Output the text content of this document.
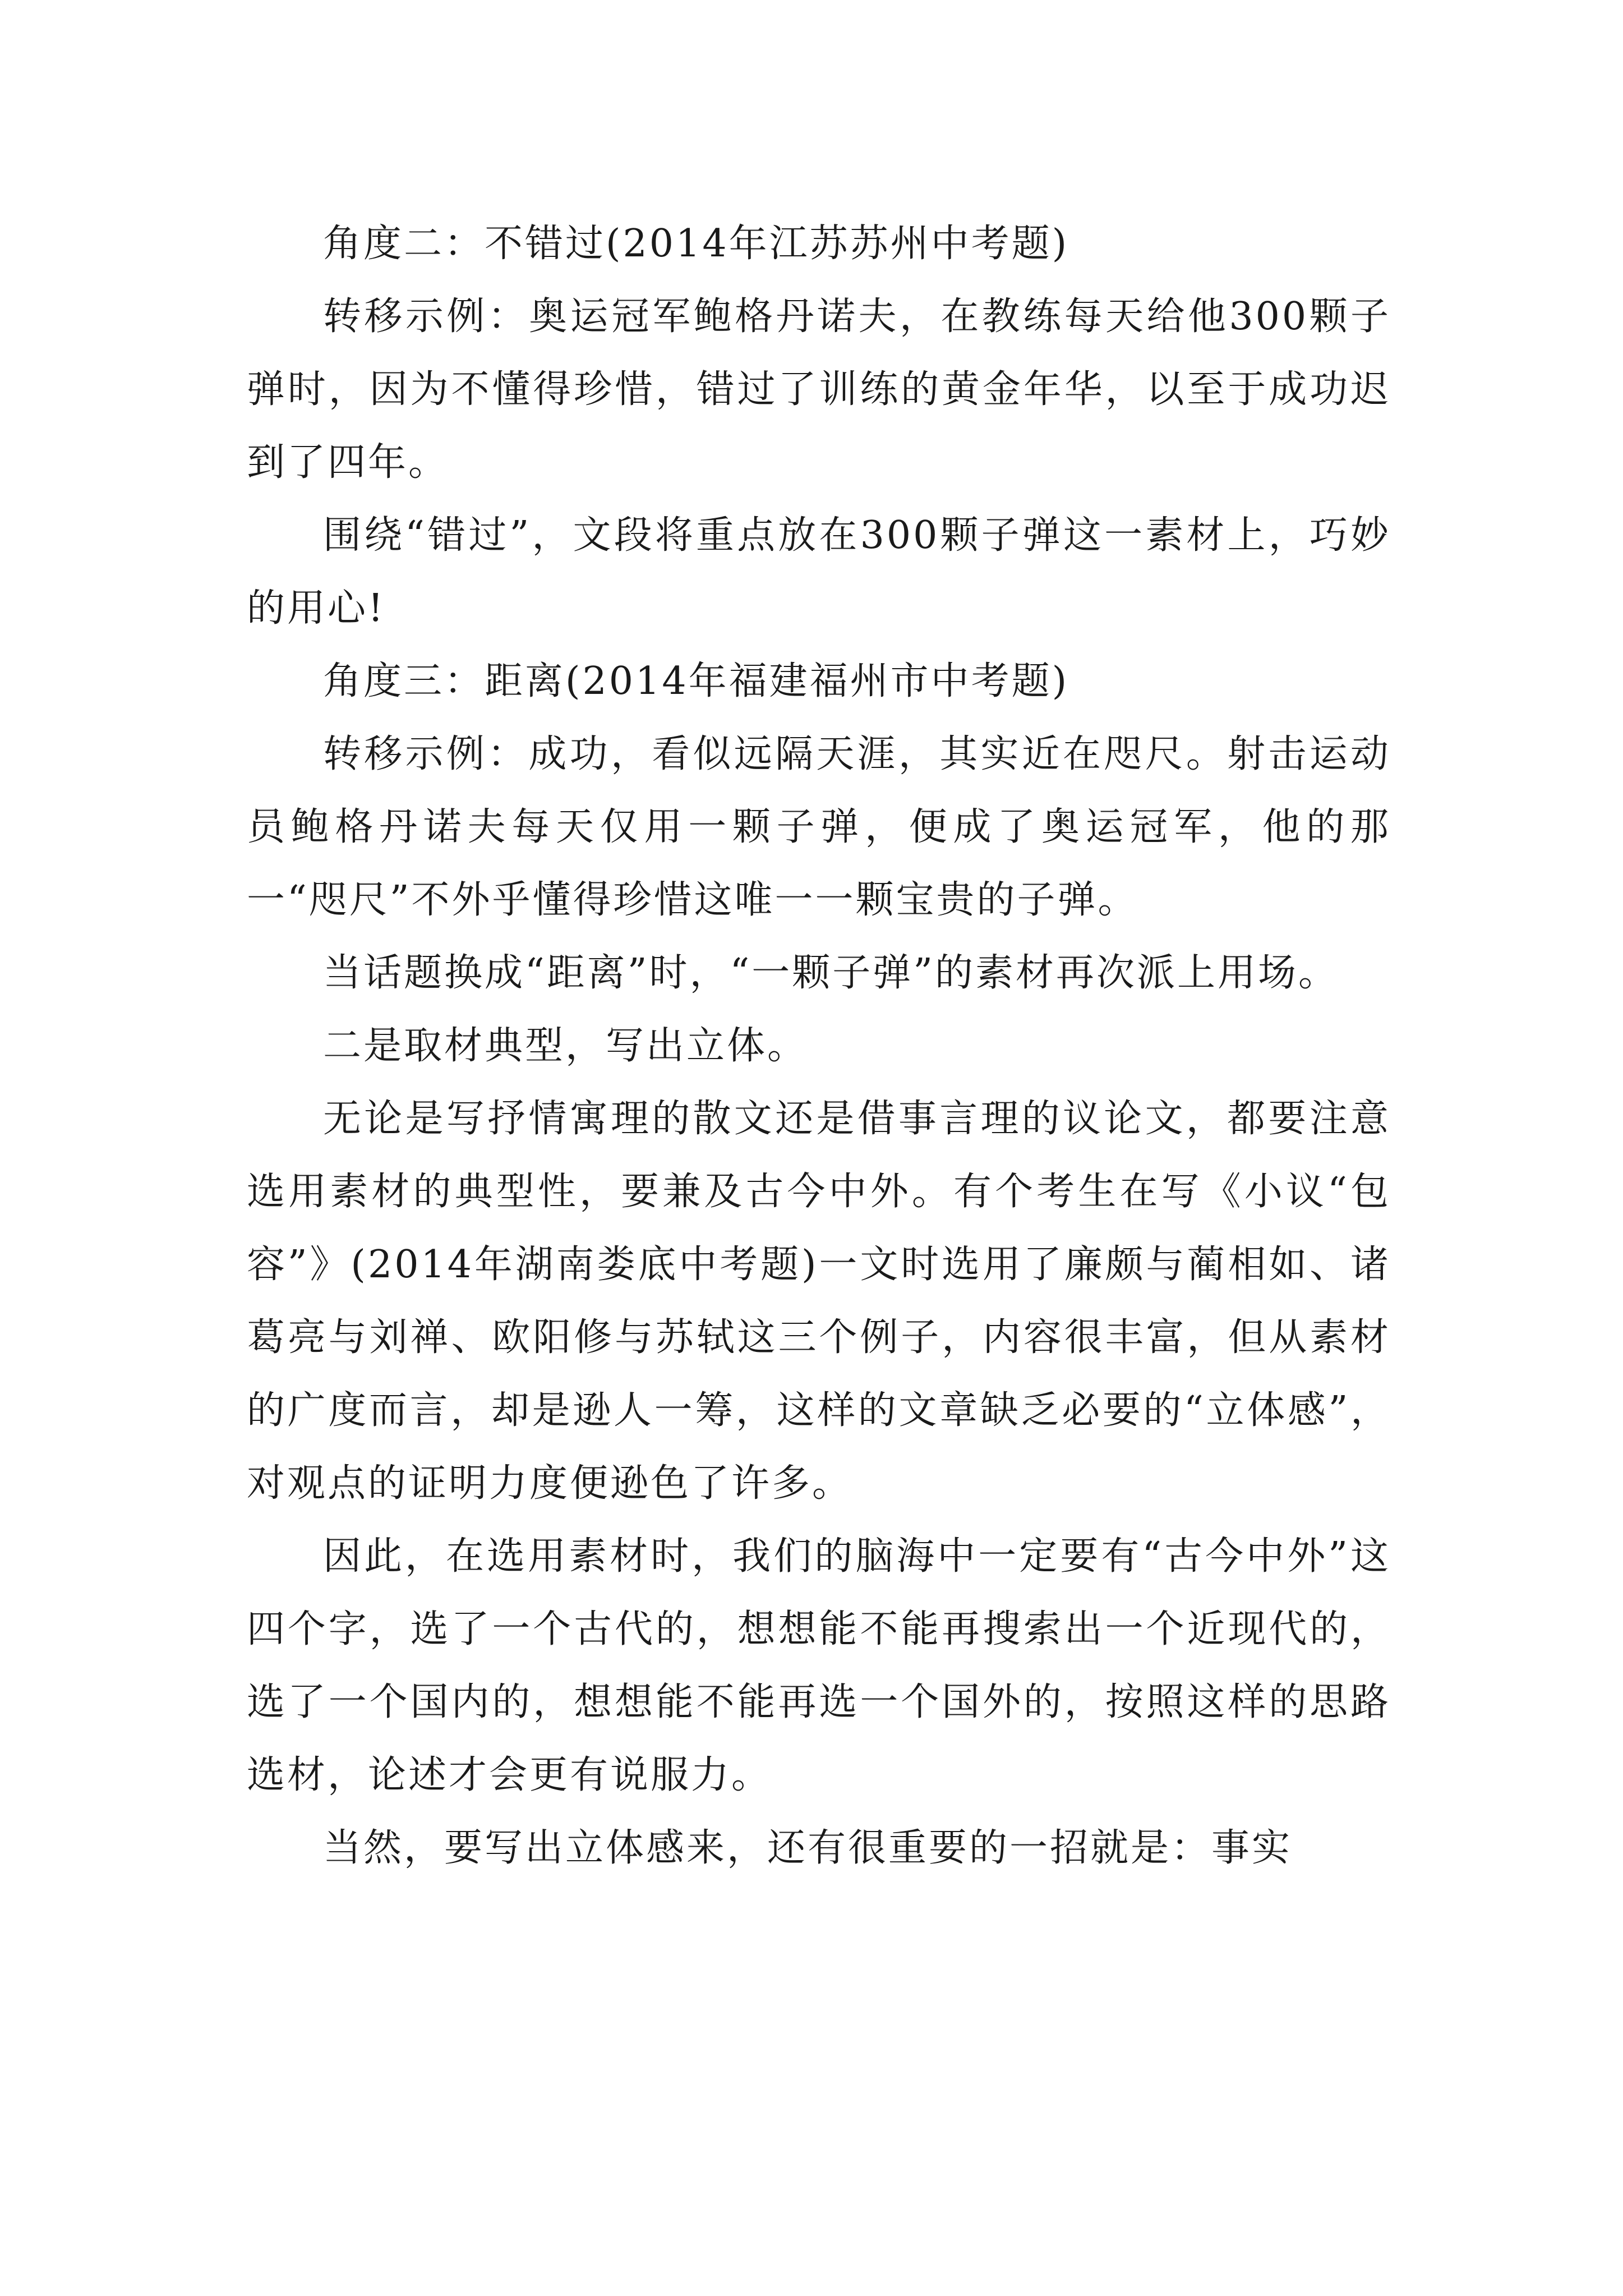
角度二：不错过(2014年江苏苏州中考题)

转移示例：奥运冠军鲍格丹诺夫，在教练每天给他300颗子弹时，因为不懂得珍惜，错过了训练的黄金年华，以至于成功迟到了四年。

围绕“错过”，文段将重点放在300颗子弹这一素材上，巧妙的用心!

角度三：距离(2014年福建福州市中考题)

转移示例：成功，看似远隔天涯，其实近在咫尺。射击运动员鲍格丹诺夫每天仅用一颗子弹，便成了奥运冠军，他的那一“咫尺”不外乎懂得珍惜这唯一一颗宝贵的子弹。

当话题换成“距离”时，“一颗子弹”的素材再次派上用场。

二是取材典型，写出立体。

无论是写抒情寓理的散文还是借事言理的议论文，都要注意选用素材的典型性，要兼及古今中外。有个考生在写《小议“包容”》(2014年湖南娄底中考题)一文时选用了廉颇与蔺相如、诸葛亮与刘禅、欧阳修与苏轼这三个例子，内容很丰富，但从素材的广度而言，却是逊人一筹，这样的文章缺乏必要的“立体感”，对观点的证明力度便逊色了许多。

因此，在选用素材时，我们的脑海中一定要有“古今中外”这四个字，选了一个古代的，想想能不能再搜索出一个近现代的，选了一个国内的，想想能不能再选一个国外的，按照这样的思路选材，论述才会更有说服力。

当然，要写出立体感来，还有很重要的一招就是：事实
